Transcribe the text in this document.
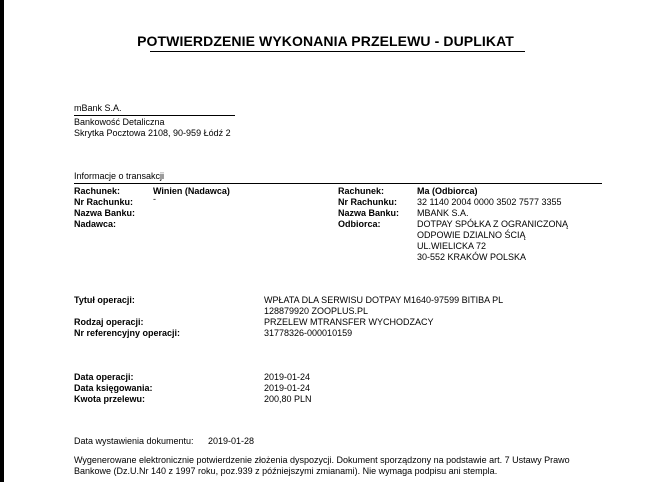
POTWIERDZENIE WYKONANIA PRZELEWU - DUPLIKAT
mBank S.A.
Bankowość Detaliczna
Skrytka Pocztowa 2108, 90-959 Łódź 2
Informacje o transakcji
Rachunek:	Winien (Nadawca)
Nr Rachunku: -
Nazwa Banku:
Nadawca:
Rachunek:	Ma (Odbiorca)
Nr Rachunku: 32 1140 2004 0000 3502 7577 3355
Nazwa Banku: MBANK S.A.
Odbiorca:	DOTPAY SPÓŁKA Z OGRANICZONĄ
ODPOWIE DZIALNO ŚCIĄ
UL.WIELICKA 72
30-552 KRAKÓW POLSKA
Tytuł operacji:	WPŁATA DLA SERWISU DOTPAY M1640-97599 BITIBA PL
128879920 ZOOPLUS.PL
Rodzaj operacji:	PRZELEW MTRANSFER WYCHODZACY
Nr referencyjny operacji:	31778326-000010159
Data operacji:	2019-01-24
Data księgowania:	2019-01-24
Kwota przelewu:	200,80 PLN
Data wystawienia dokumentu: 2019-01-28
Wygenerowane elektronicznie potwierdzenie złożenia dyspozycji. Dokument sporządzony na podstawie art. 7 Ustawy Prawo
Bankowe (Dz.U.Nr 140 z 1997 roku, poz.939 z późniejszymi zmianami). Nie wymaga podpisu ani stempla.
